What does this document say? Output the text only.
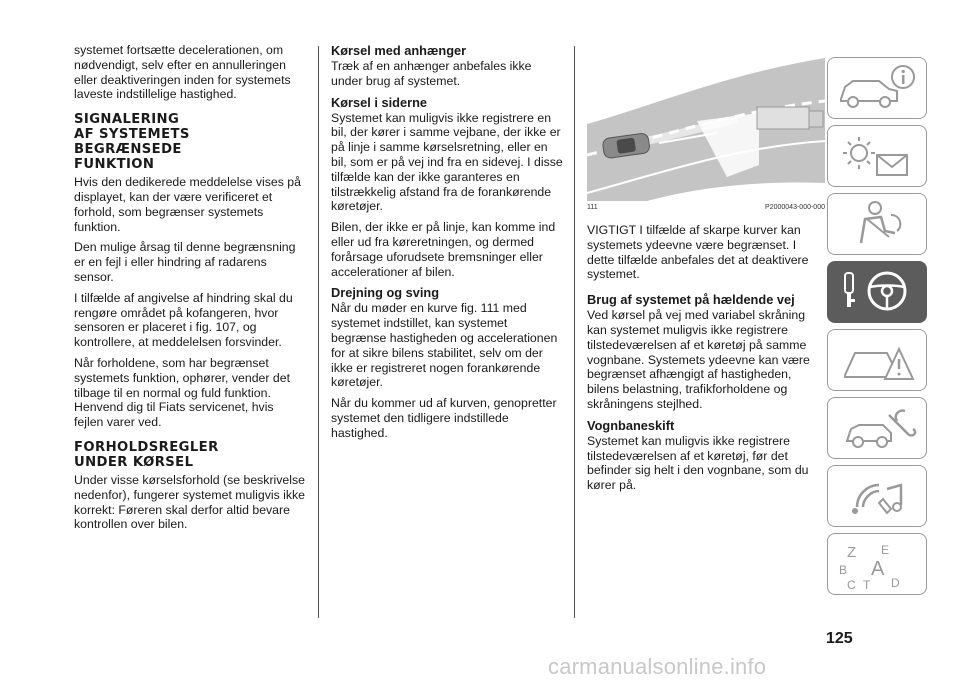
systemet fortsætte decelerationen, om nødvendigt, selv efter en annulleringen eller deaktiveringen inden for systemets laveste indstillelige hastighed.

SIGNALERING
AF SYSTEMETS
BEGRÆNSEDE
FUNKTION

Hvis den dedikerede meddelelse vises på displayet, kan der være verificeret et forhold, som begrænser systemets funktion.

Den mulige årsag til denne begrænsning er en fejl i eller hindring af radarens sensor.

I tilfælde af angivelse af hindring skal du rengøre området på kofangeren, hvor sensoren er placeret i fig. 107, og kontrollere, at meddelelsen forsvinder.

Når forholdene, som har begrænset systemets funktion, ophører, vender det tilbage til en normal og fuld funktion. Henvend dig til Fiats servicenet, hvis fejlen varer ved.

FORHOLDSREGLER
UNDER KØRSEL

Under visse kørselsforhold (se beskrivelse nedenfor), fungerer systemet muligvis ikke korrekt: Føreren skal derfor altid bevare kontrollen over bilen.

Kørsel med anhænger

Træk af en anhænger anbefales ikke under brug af systemet.

Kørsel i siderne

Systemet kan muligvis ikke registrere en bil, der kører i samme vejbane, der ikke er på linje i samme kørselsretning, eller en bil, som er på vej ind fra en sidevej. I disse tilfælde kan der ikke garanteres en tilstrækkelig afstand fra de forankørende køretøjer.

Bilen, der ikke er på linje, kan komme ind eller ud fra køreretningen, og dermed forårsage uforudsete bremsninger eller accelerationer af bilen.

Drejning og sving

Når du møder en kurve fig. 111 med systemet indstillet, kan systemet begrænse hastigheden og accelerationen for at sikre bilens stabilitet, selv om der ikke er registreret nogen forankørende køretøjer.

Når du kommer ud af kurven, genopretter systemet den tidligere indstillede hastighed.

111	P2000043-000-000

VIGTIGT I tilfælde af skarpe kurver kan systemets ydeevne være begrænset. I dette tilfælde anbefales det at deaktivere systemet.

Brug af systemet på hældende vej

Ved kørsel på vej med variabel skråning kan systemet muligvis ikke registrere tilstedeværelsen af et køretøj på samme vognbane. Systemets ydeevne kan være begrænset afhængigt af hastigheden, bilens belastning, trafikforholdene og skråningens stejlhed.

Vognbaneskift

Systemet kan muligvis ikke registrere tilstedeværelsen af et køretøj, før det befinder sig helt i den vognbane, som du kører på.

Z E
B A
C T D
125
carmanualsonline.info
